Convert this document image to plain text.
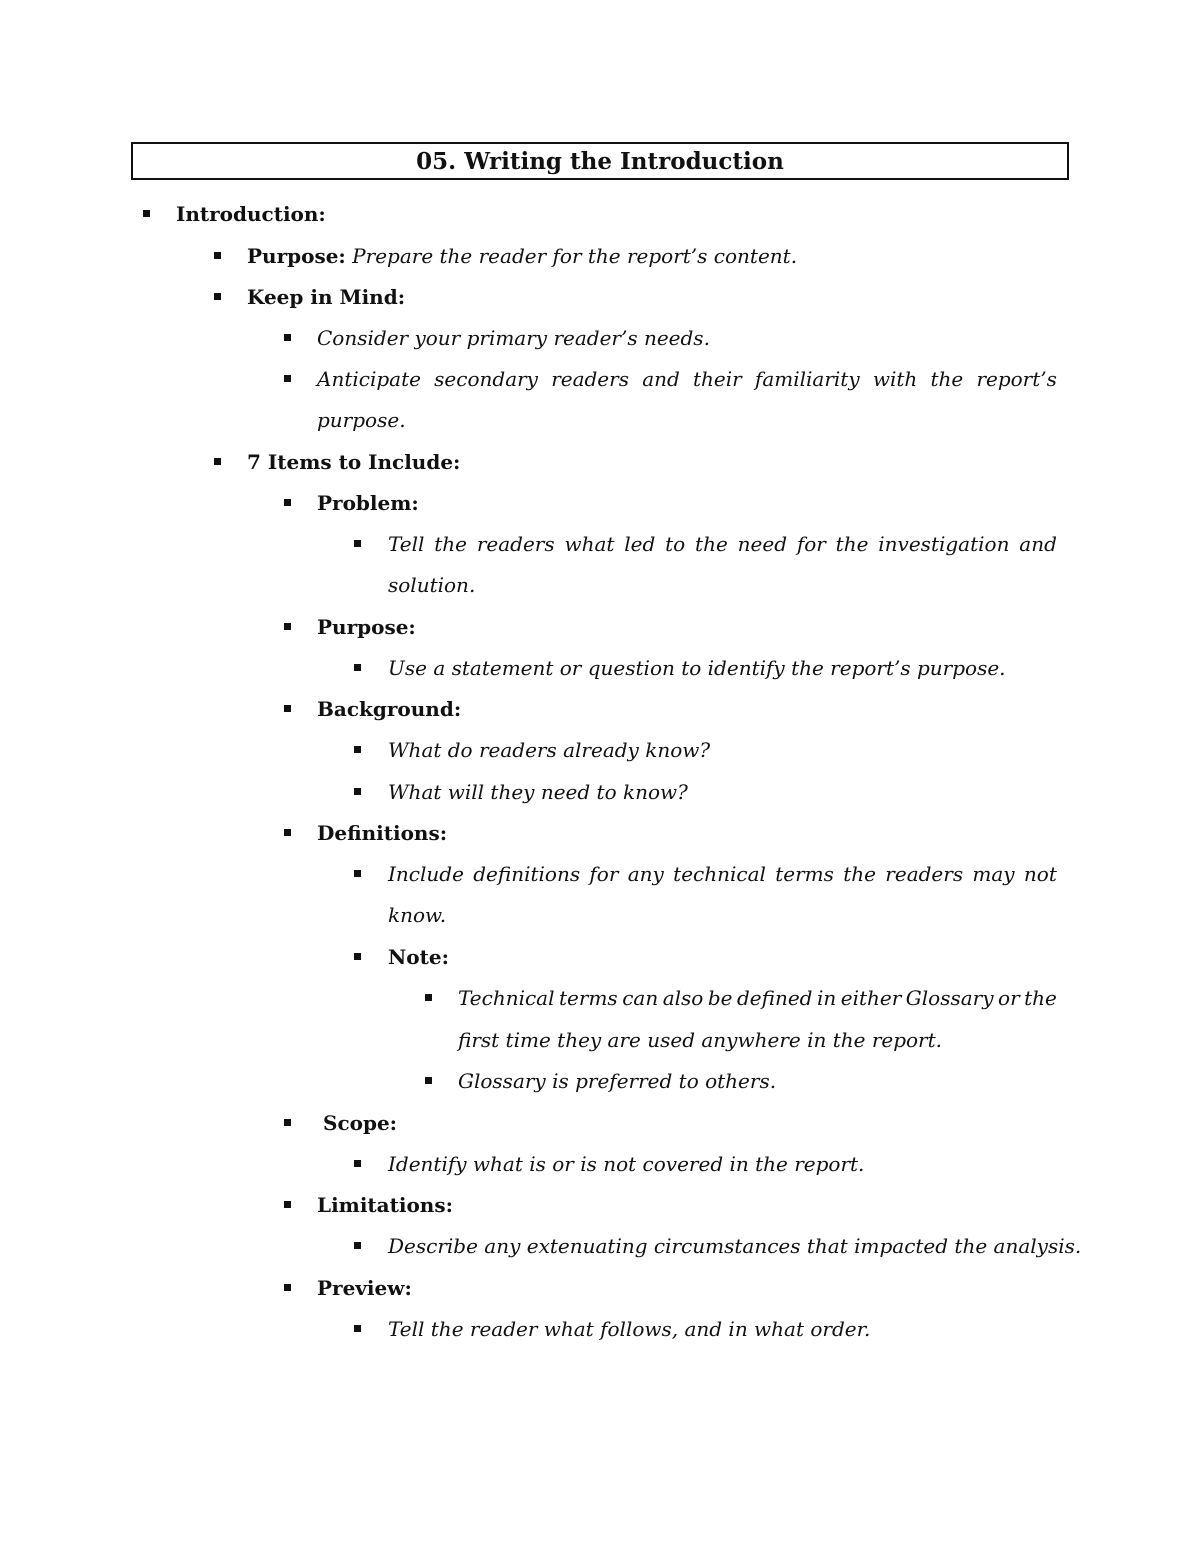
05. Writing the Introduction
Introduction:
Purpose: Prepare the reader for the report’s content.
Keep in Mind:
Consider your primary reader’s needs.
Anticipate secondary readers and their familiarity with the report’s
purpose.
7 Items to Include:
Problem:
Tell the readers what led to the need for the investigation and
solution.
Purpose:
Use a statement or question to identify the report’s purpose.
Background:
What do readers already know?
What will they need to know?
Definitions:
Include definitions for any technical terms the readers may not
know.
Note:
Technical terms can also be defined in either Glossary or the
first time they are used anywhere in the report.
Glossary is preferred to others.
Scope:
Identify what is or is not covered in the report.
Limitations:
Describe any extenuating circumstances that impacted the analysis.
Preview:
Tell the reader what follows, and in what order.
